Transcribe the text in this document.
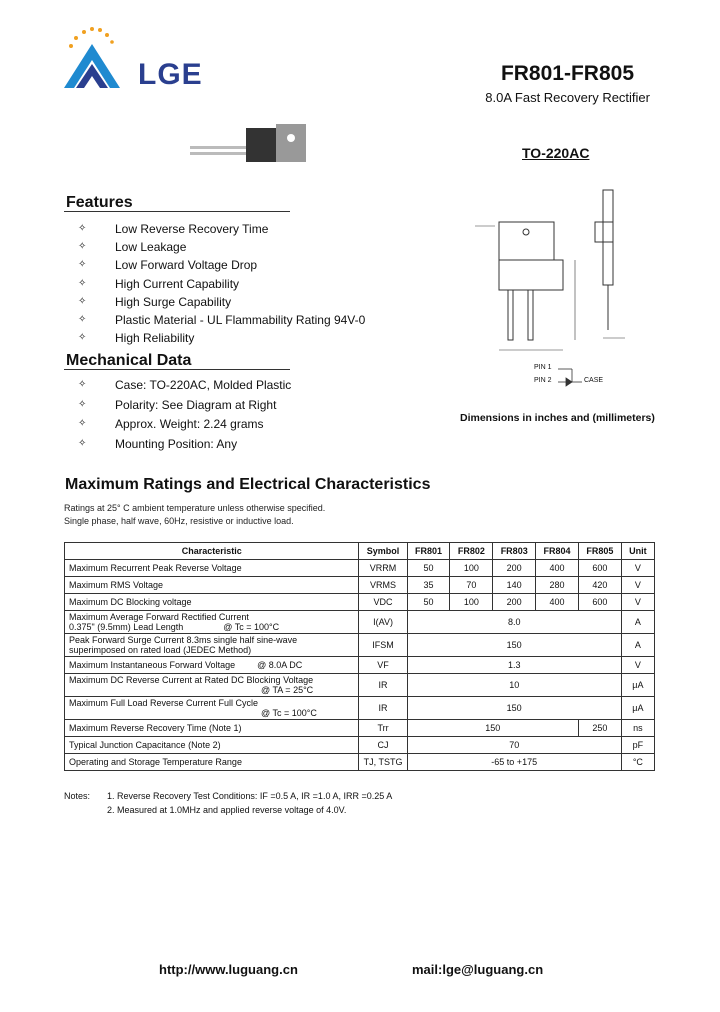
LGE	FR801-FR805
8.0A Fast Recovery Rectifier
TO-220AC
Features
✧ Low Reverse Recovery Time
✧ Low Leakage
✧ Low Forward Voltage Drop
✧ High Current Capability
✧ High Surge Capability
✧ Plastic Material - UL Flammability Rating 94V-0
✧ High Reliability
Mechanical Data
✧ Case: TO-220AC, Molded Plastic
✧ Polarity: See Diagram at Right
✧ Approx. Weight: 2.24 grams
✧ Mounting Position: Any
PIN 1
PIN 2	CASE
Dimensions in inches and (millimeters)
Maximum Ratings and Electrical Characteristics
Ratings at 25° C ambient temperature unless otherwise specified.
Single phase, half wave, 60Hz, resistive or inductive load.
Characteristic	Symbol	FR801	FR802	FR803	FR804	FR805	Unit
Maximum Recurrent Peak Reverse Voltage	VRRM	50	100	200	400	600	V
Maximum RMS Voltage	VRMS	35	70	140	280	420	V
Maximum DC Blocking voltage	VDC	50	100	200	400	600	V

Maximum Average Forward Rectified Current
0.375" (9.5mm) Lead Length @ Tc = 100°C	I(AV)	8.0					A

Peak Forward Surge Current 8.3ms single half sine-wave
superimposed on rated load (JEDEC Method)	IFSM	150					A
Maximum Instantaneous Forward Voltage @ 8.0A DC	VF	1.3					V

Maximum DC Reverse Current at Rated DC Blocking Voltage
@ TA = 25°C	IR	10					μA

Maximum Full Load Reverse Current Full Cycle
@ Tc = 100°C	IR	150					μA
Maximum Reverse Recovery Time (Note 1)	Trr	150				250	ns
Typical Junction Capacitance (Note 2)	CJ	70					pF
Operating and Storage Temperature Range	TJ, TSTG	-65 to +175					°C
Notes: 1. Reverse Recovery Test Conditions: IF =0.5 A, IR =1.0 A, IRR =0.25 A
2. Measured at 1.0MHz and applied reverse voltage of 4.0V.
http://www.luguang.cn	mail:lge@luguang.cn
